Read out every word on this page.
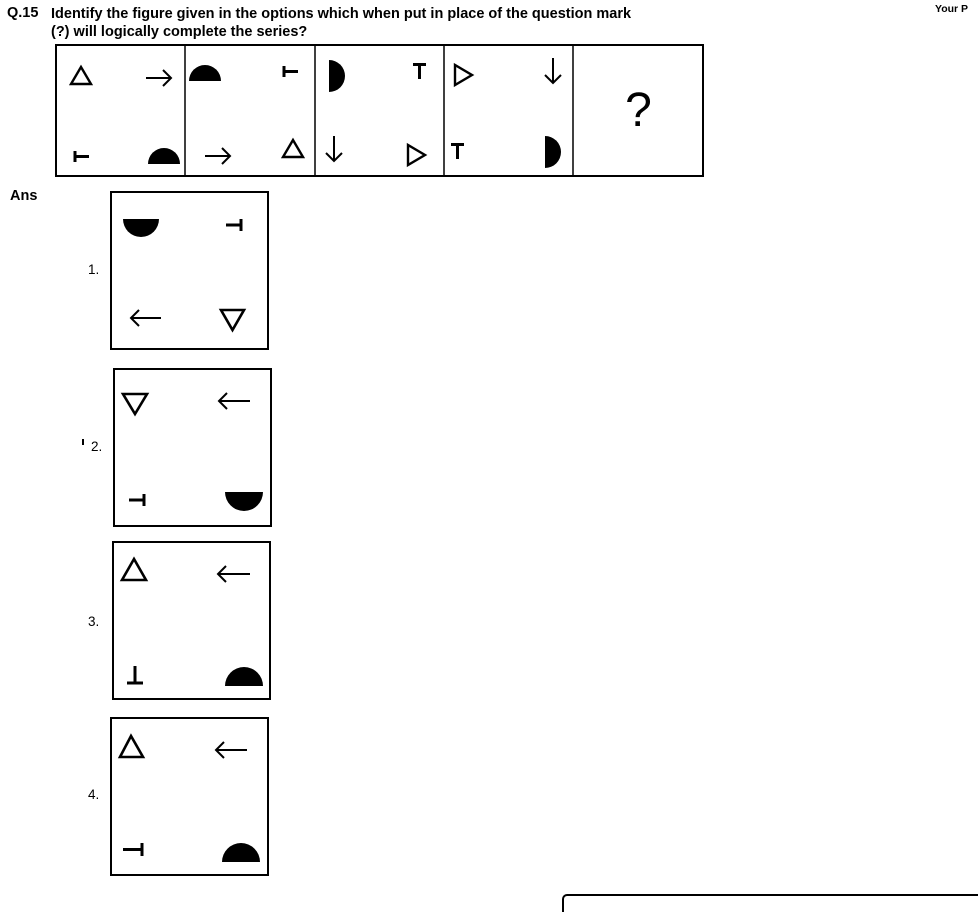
Q.15 Identify the figure given in the options which when put in place of the question mark
(?) will logically complete the series?
Your P
?
Ans
1.
2.
3.
4.
